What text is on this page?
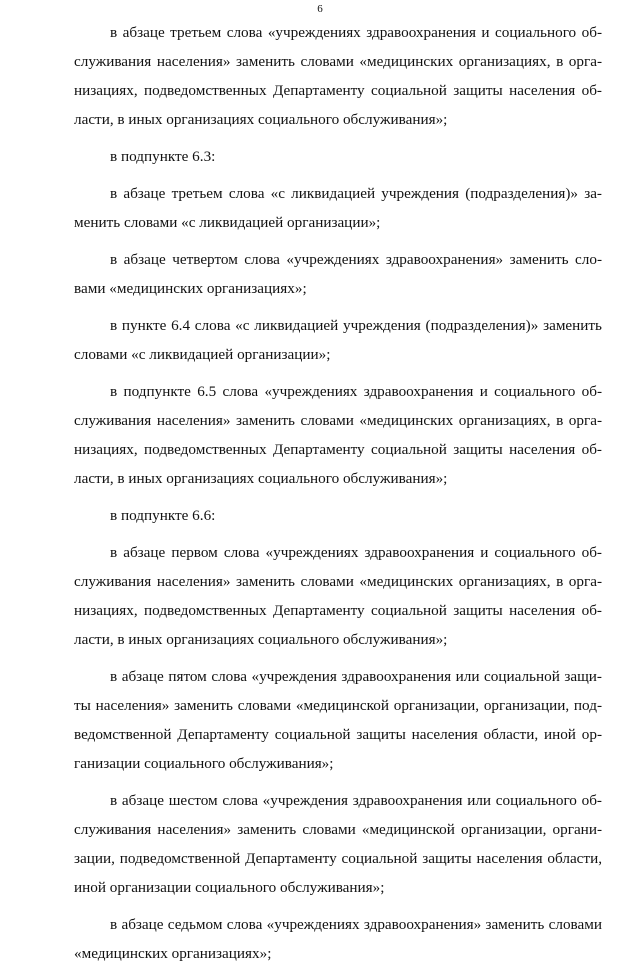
6
в абзаце третьем слова «учреждениях здравоохранения и социального об-
служивания населения» заменить словами «медицинских организациях, в орга-
низациях, подведомственных Департаменту социальной защиты населения об-
ласти, в иных организациях социального обслуживания»;
в подпункте 6.3:
в абзаце третьем слова «с ликвидацией учреждения (подразделения)» за-
менить словами «с ликвидацией организации»;
в абзаце четвертом слова «учреждениях здравоохранения» заменить сло-
вами «медицинских организациях»;
в пункте 6.4 слова «с ликвидацией учреждения (подразделения)» заменить
словами «с ликвидацией организации»;
в подпункте 6.5 слова «учреждениях здравоохранения и социального об-
служивания населения» заменить словами «медицинских организациях, в орга-
низациях, подведомственных Департаменту социальной защиты населения об-
ласти, в иных организациях социального обслуживания»;
в подпункте 6.6:
в абзаце первом слова «учреждениях здравоохранения и социального об-
служивания населения» заменить словами «медицинских организациях, в орга-
низациях, подведомственных Департаменту социальной защиты населения об-
ласти, в иных организациях социального обслуживания»;
в абзаце пятом слова «учреждения здравоохранения или социальной защи-
ты населения» заменить словами «медицинской организации, организации, под-
ведомственной Департаменту социальной защиты населения области, иной ор-
ганизации социального обслуживания»;
в абзаце шестом слова «учреждения здравоохранения или социального об-
служивания населения» заменить словами «медицинской организации, органи-
зации, подведомственной Департаменту социальной защиты населения области,
иной организации социального обслуживания»;
в абзаце седьмом слова «учреждениях здравоохранения» заменить словами
«медицинских организациях»;
